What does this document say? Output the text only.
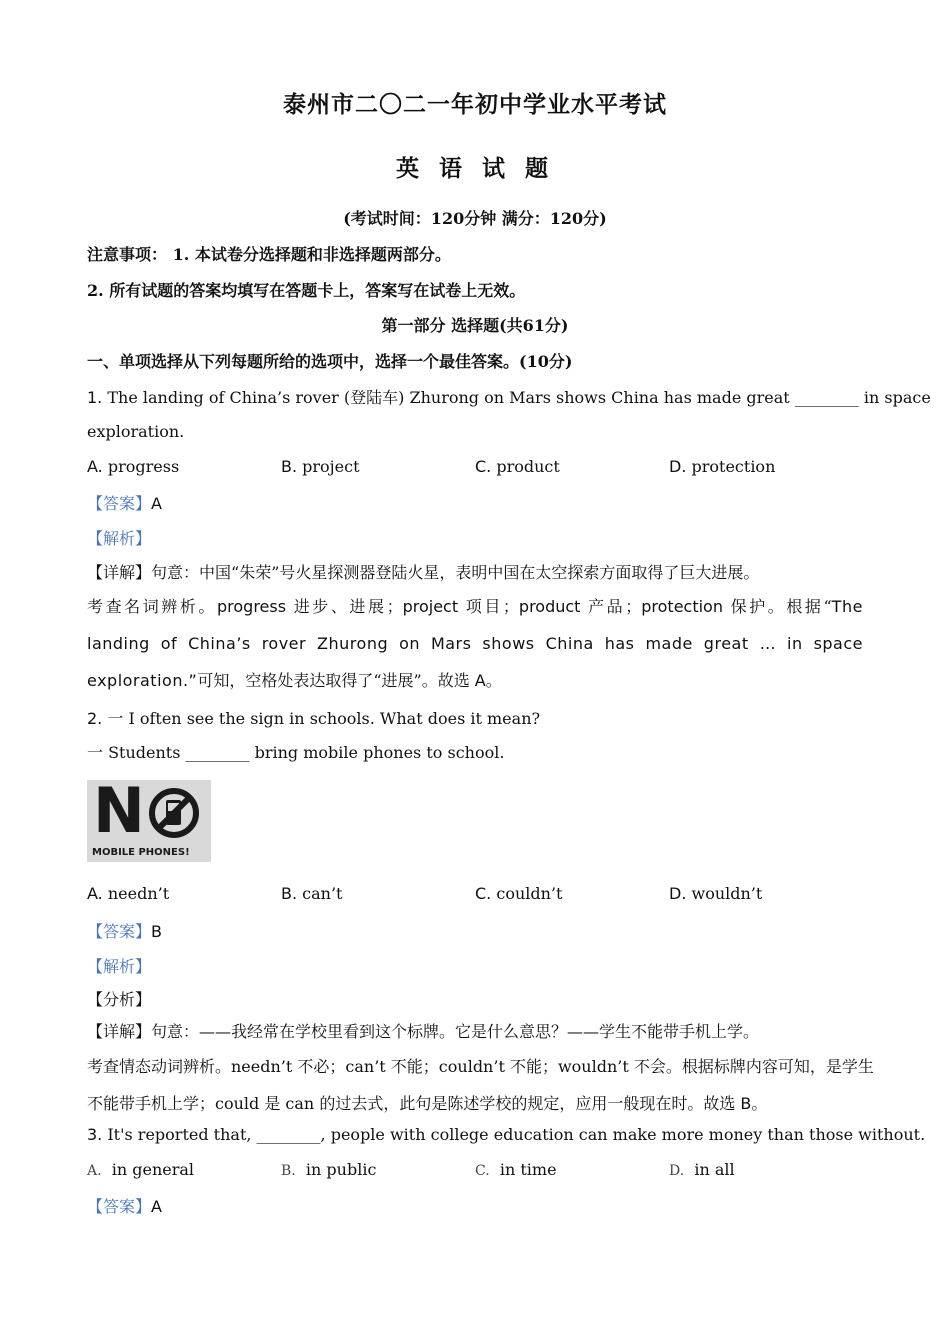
泰州市二〇二一年初中学业水平考试
英 语 试 题
(考试时间：120分钟 满分：120分)
注意事项： 1. 本试卷分选择题和非选择题两部分。
2. 所有试题的答案均填写在答题卡上，答案写在试卷上无效。
第一部分 选择题(共61分)
一、单项选择从下列每题所给的选项中，选择一个最佳答案。(10分)
1. The landing of China’s rover (登陆车) Zhurong on Mars shows China has made great ________ in space
exploration.
A. progress	B. project	C. product	D. protection
【答案】A
【解析】
【详解】句意：中国“朱荣”号火星探测器登陆火星，表明中国在太空探索方面取得了巨大进展。
考查名词辨析。progress 进步、进展；project 项目；product 产品；protection 保护。根据“The landing of China’s rover Zhurong on Mars shows China has made great … in space exploration.”可知，空格处表达取得了“进展”。故选 A。
2. 一 I often see the sign in schools. What does it mean?
一 Students ________ bring mobile phones to school.
N
MOBILE PHONES!
A. needn’t	B. can’t	C. couldn’t	D. wouldn’t
【答案】B
【解析】
【分析】
【详解】句意：——我经常在学校里看到这个标牌。它是什么意思？——学生不能带手机上学。
考查情态动词辨析。needn’t 不必；can’t 不能；couldn’t 不能；wouldn’t 不会。根据标牌内容可知，是学生
不能带手机上学；could 是 can 的过去式，此句是陈述学校的规定，应用一般现在时。故选 B。
3. It's reported that, ________, people with college education can make more money than those without.
A. in general	B. in public	C. in time	D. in all
【答案】A
